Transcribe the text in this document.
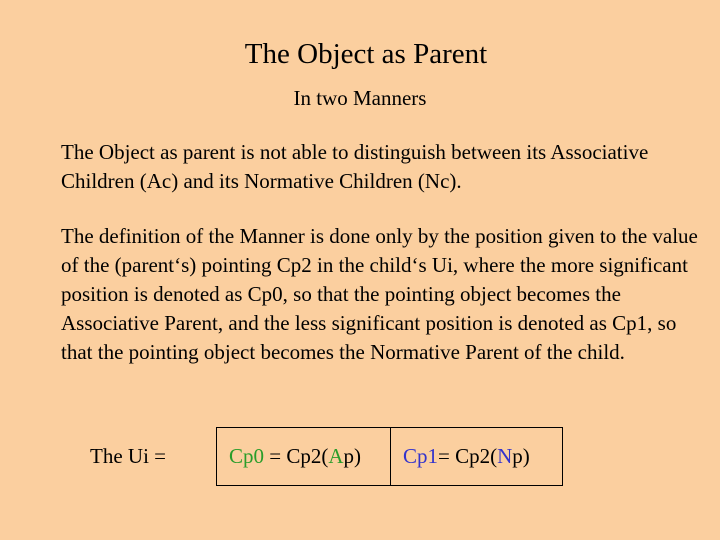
The Object as Parent
In two Manners

The Object as parent is not able to distinguish between its Associative Children (Ac) and its Normative Children (Nc).

The definition of the Manner is done only by the position given to the value of the (parent‘s) pointing Cp2 in the child‘s Ui, where the more significant position is denoted as Cp0, so that the pointing object becomes the Associative Parent, and the less significant position is denoted as Cp1, so that the pointing object becomes the Normative Parent of the child.

The Ui =	Cp0 = Cp2( A p) Cp1 = Cp2( N p)
